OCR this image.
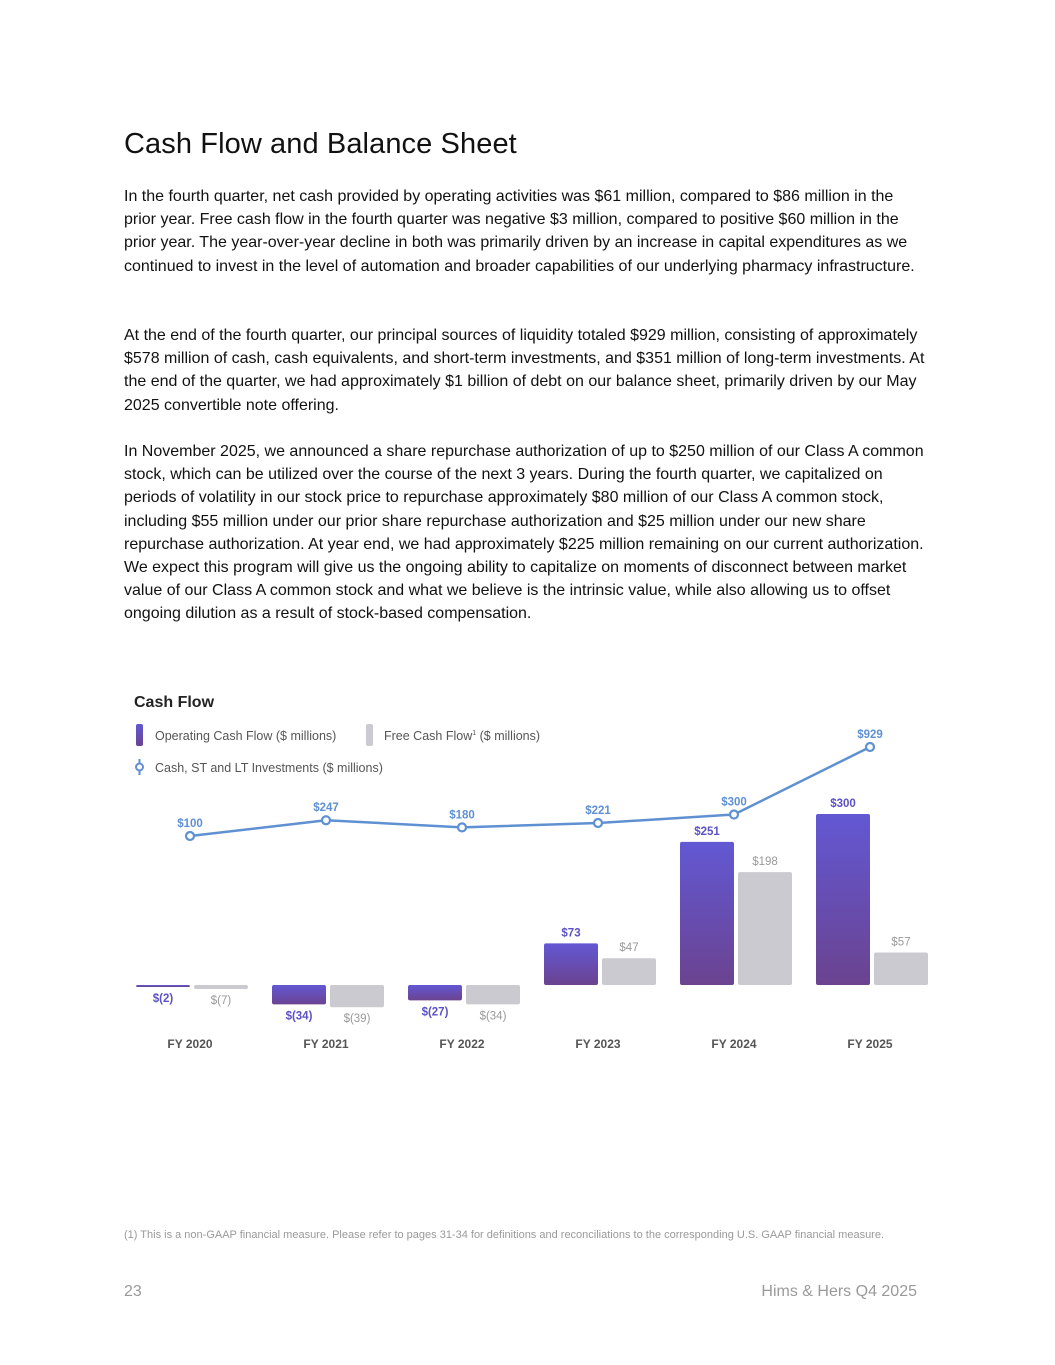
Cash Flow and Balance Sheet

In the fourth quarter, net cash provided by operating activities was $61 million, compared to $86 million in the prior year. Free cash flow in the fourth quarter was negative $3 million, compared to positive $60 million in the prior year. The year-over-year decline in both was primarily driven by an increase in capital expenditures as we continued to invest in the level of automation and broader capabilities of our underlying pharmacy infrastructure.

At the end of the fourth quarter, our principal sources of liquidity totaled $929 million, consisting of approximately $578 million of cash, cash equivalents, and short-term investments, and $351 million of long-term investments. At the end of the quarter, we had approximately $1 billion of debt on our balance sheet, primarily driven by our May 2025 convertible note offering.

In November 2025, we announced a share repurchase authorization of up to $250 million of our Class A common stock, which can be utilized over the course of the next 3 years. During the fourth quarter, we capitalized on periods of volatility in our stock price to repurchase approximately $80 million of our Class A common stock, including $55 million under our prior share repurchase authorization and $25 million under our new share repurchase authorization. At year end, we had approximately $225 million remaining on our current authorization. We expect this program will give us the ongoing ability to capitalize on moments of disconnect between market value of our Class A common stock and what we believe is the intrinsic value, while also allowing us to offset ongoing dilution as a result of stock-based compensation.

Cash Flow
Operating Cash Flow ($ millions)	Free Cash Flow$^1$ ($ millions)
Cash, ST and LT Investments ($ millions)
$(2)	$(7)
FY 2020
$(34)	$(39)
FY 2021
$(27)	$(34)
FY 2022
$73
$47
FY 2023
$251
$198
FY 2024
$300
$57
FY 2025
$100
$247
$180	$221
$300
$929

(1) This is a non-GAAP financial measure. Please refer to pages 31-34 for definitions and reconciliations to the corresponding U.S. GAAP financial measure.

23	Hims & Hers Q4 2025
